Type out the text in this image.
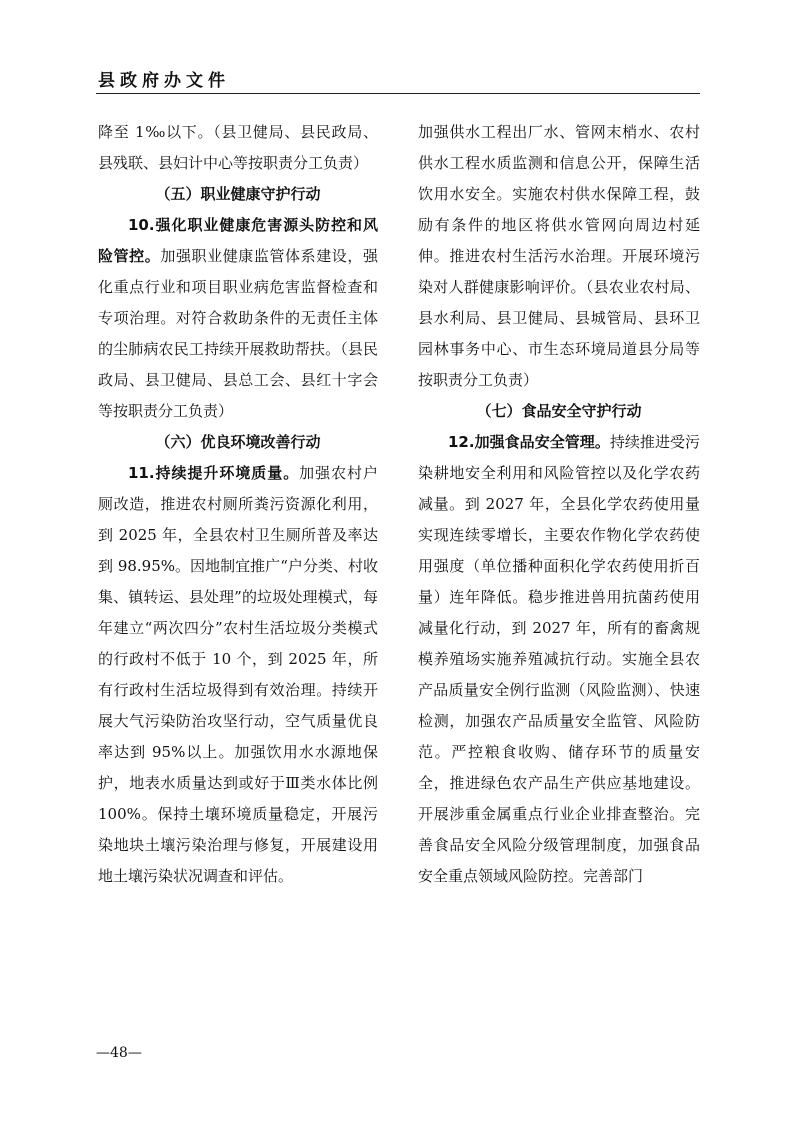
县政府办文件

降至 1‰以下。（县卫健局、县民政局、县残联、县妇计中心等按职责分工负责）

（五）职业健康守护行动

10.强化职业健康危害源头防控和风险管控。加强职业健康监管体系建设，强化重点行业和项目职业病危害监督检查和专项治理。对符合救助条件的无责任主体的尘肺病农民工持续开展救助帮扶。（县民政局、县卫健局、县总工会、县红十字会等按职责分工负责）

（六）优良环境改善行动

11.持续提升环境质量。加强农村户厕改造，推进农村厕所粪污资源化利用，到 2025 年，全县农村卫生厕所普及率达到 98.95%。因地制宜推广“户分类、村收集、镇转运、县处理”的垃圾处理模式，每年建立“两次四分”农村生活垃圾分类模式的行政村不低于 10 个，到 2025 年，所有行政村生活垃圾得到有效治理。持续开展大气污染防治攻坚行动，空气质量优良率达到 95%以上。加强饮用水水源地保护，地表水质量达到或好于Ⅲ类水体比例 100%。保持土壤环境质量稳定，开展污染地块土壤污染治理与修复，开展建设用地土壤污染状况调查和评估。

加强供水工程出厂水、管网末梢水、农村供水工程水质监测和信息公开，保障生活饮用水安全。实施农村供水保障工程，鼓励有条件的地区将供水管网向周边村延伸。推进农村生活污水治理。开展环境污染对人群健康影响评价。（县农业农村局、县水利局、县卫健局、县城管局、县环卫园林事务中心、市生态环境局道县分局等按职责分工负责）

（七）食品安全守护行动

12.加强食品安全管理。持续推进受污染耕地安全利用和风险管控以及化学农药减量。到 2027 年，全县化学农药使用量实现连续零增长，主要农作物化学农药使用强度（单位播种面积化学农药使用折百量）连年降低。稳步推进兽用抗菌药使用减量化行动，到 2027 年，所有的畜禽规模养殖场实施养殖减抗行动。实施全县农产品质量安全例行监测（风险监测）、快速检测，加强农产品质量安全监管、风险防范。严控粮食收购、储存环节的质量安全，推进绿色农产品生产供应基地建设。开展涉重金属重点行业企业排查整治。完善食品安全风险分级管理制度，加强食品安全重点领域风险防控。完善部门

—48—
